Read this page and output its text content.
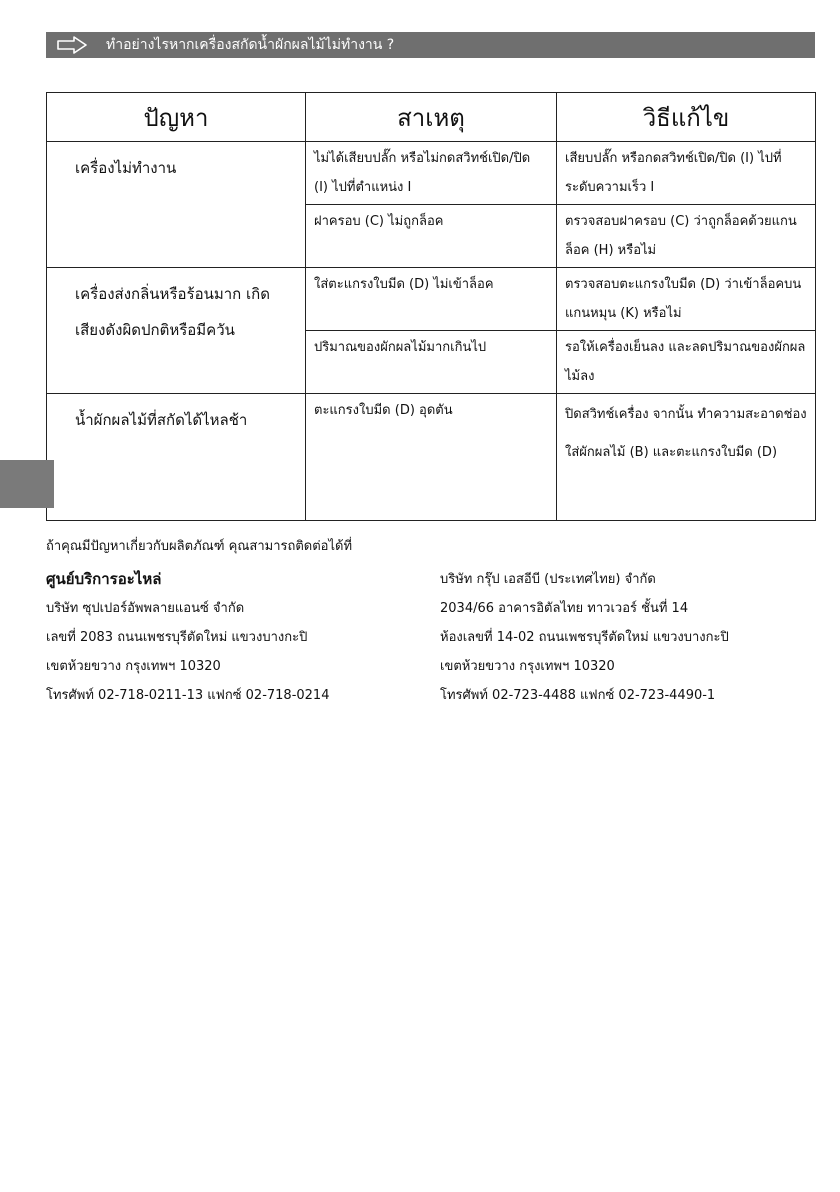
ทำอย่างไรหากเครื่องสกัดน้ำผักผลไม้ไม่ทำงาน ?
ปัญหา	สาเหตุ	วิธีแก้ไข
เครื่องไม่ทำงาน	ไม่ได้เสียบปลั๊ก หรือไม่กดสวิทช์เปิด/ปิด (I) ไปที่ตำแหน่ง I	เสียบปลั๊ก หรือกดสวิทช์เปิด/ปิด (I) ไปที่ระดับความเร็ว I
	ฝาครอบ (C) ไม่ถูกล็อค	ตรวจสอบฝาครอบ (C) ว่าถูกล็อคด้วยแกนล็อค (H) หรือไม่
เครื่องส่งกลิ่นหรือร้อนมาก เกิดเสียงดังผิดปกติหรือมีควัน	ใส่ตะแกรงใบมีด (D) ไม่เข้าล็อค	ตรวจสอบตะแกรงใบมีด (D) ว่าเข้าล็อคบนแกนหมุน (K) หรือไม่
	ปริมาณของผักผลไม้มากเกินไป	รอให้เครื่องเย็นลง และลดปริมาณของผักผลไม้ลง
น้ำผักผลไม้ที่สกัดได้ไหลช้า	ตะแกรงใบมีด (D) อุดตัน	ปิดสวิทช์เครื่อง จากนั้น ทำความสะอาดช่องใส่ผักผลไม้ (B) และตะแกรงใบมีด (D)
ถ้าคุณมีปัญหาเกี่ยวกับผลิตภัณฑ์ คุณสามารถติดต่อได้ที่
ศูนย์บริการอะไหล่
บริษัท ซุปเปอร์อัพพลายแอนซ์ จำกัด
เลขที่ 2083 ถนนเพชรบุรีตัดใหม่ แขวงบางกะปิ
เขตห้วยขวาง กรุงเทพฯ 10320
โทรศัพท์ 02-718-0211-13 แฟกซ์ 02-718-0214
บริษัท กรุ๊ป เอสอีบี (ประเทศไทย) จำกัด
2034/66 อาคารอิตัลไทย ทาวเวอร์ ชั้นที่ 14
ห้องเลขที่ 14-02 ถนนเพชรบุรีตัดใหม่ แขวงบางกะปิ
เขตห้วยขวาง กรุงเทพฯ 10320
โทรศัพท์ 02-723-4488 แฟกซ์ 02-723-4490-1
